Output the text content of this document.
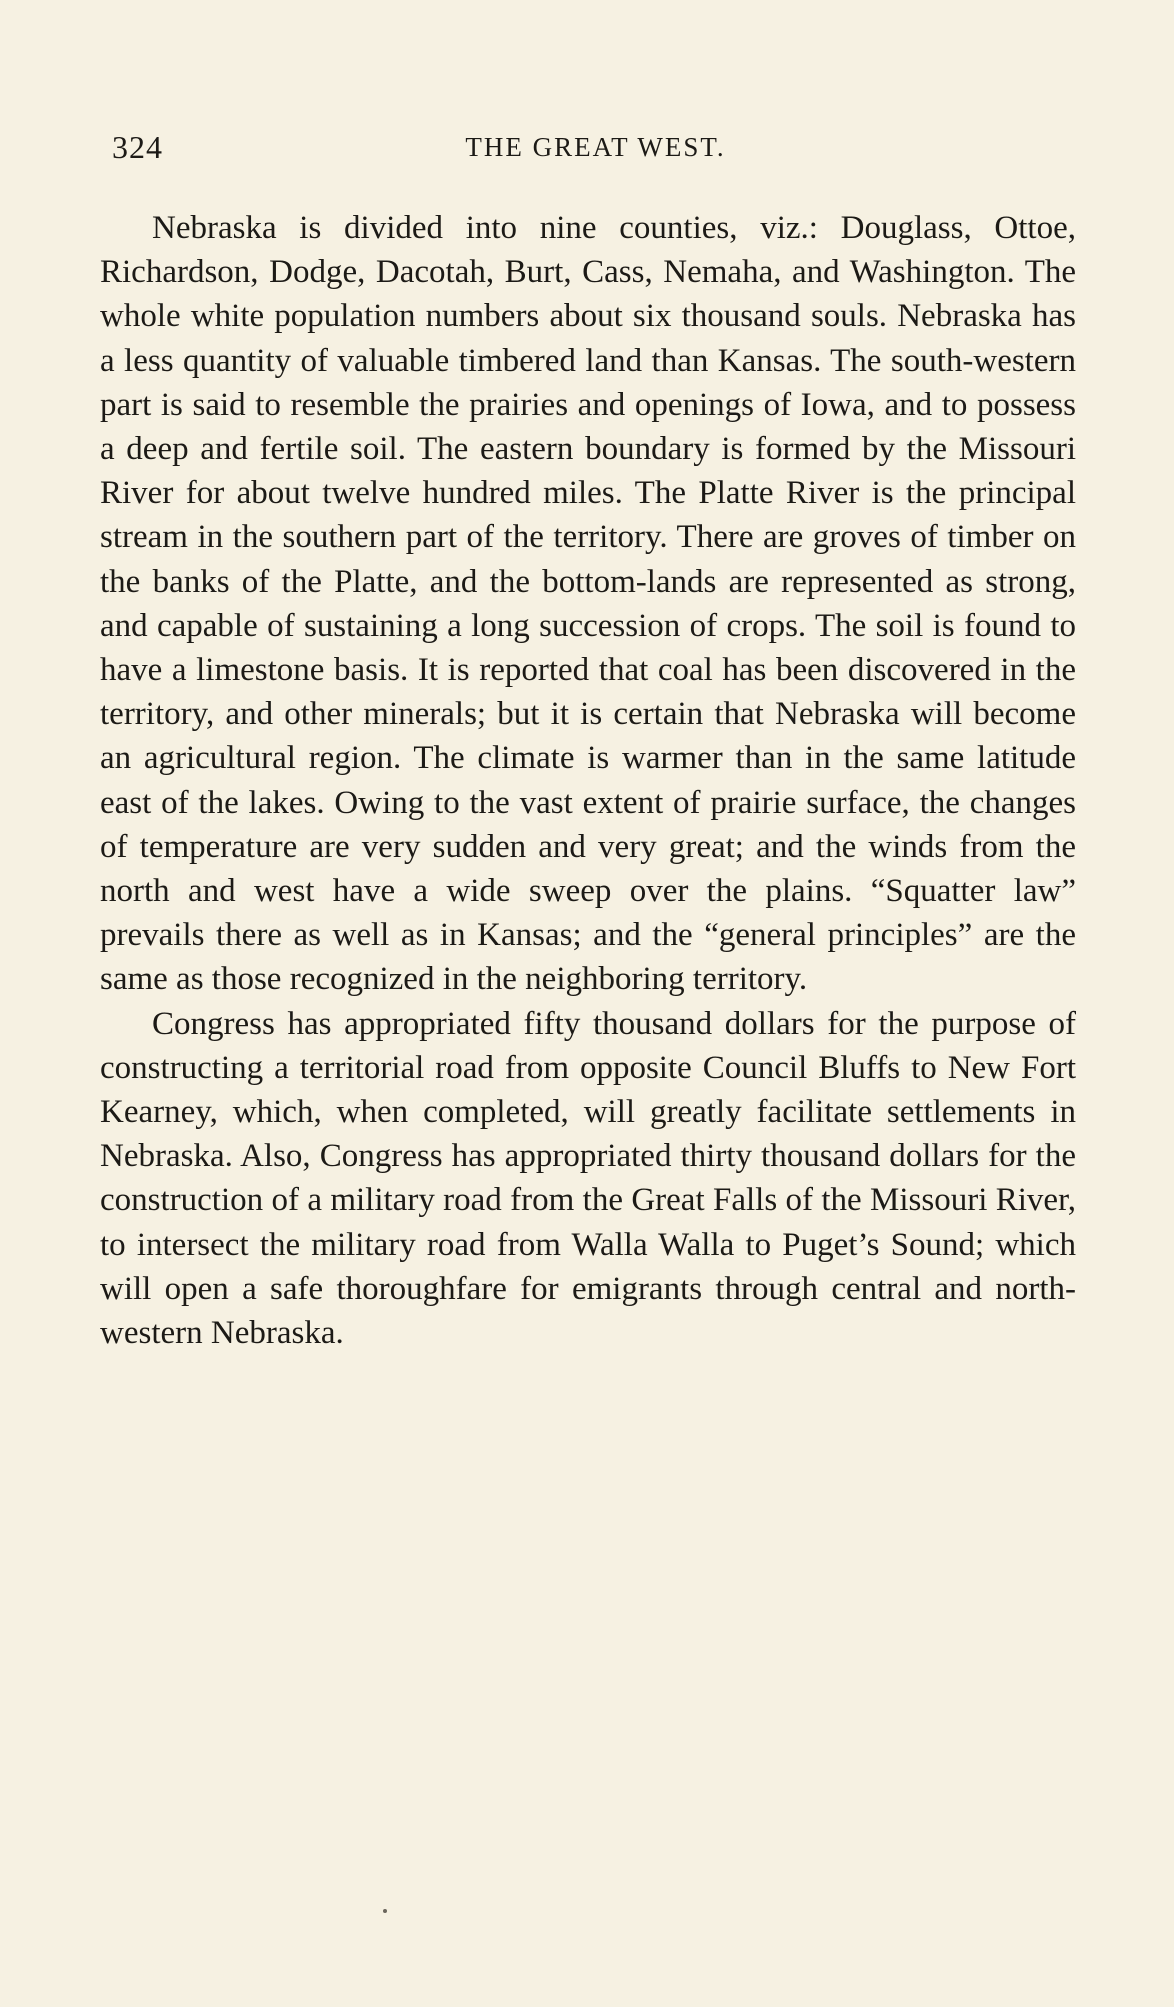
324	THE GREAT WEST.

Nebraska is divided into nine counties, viz.: Douglass, Ottoe, Richardson, Dodge, Dacotah, Burt, Cass, Nemaha, and Washington. The whole white population numbers about six thousand souls. Nebraska has a less quantity of valuable timbered land than Kansas. The south-western part is said to resemble the prairies and openings of Iowa, and to possess a deep and fertile soil. The eastern boundary is formed by the Missouri River for about twelve hundred miles. The Platte River is the principal stream in the southern part of the territory. There are groves of timber on the banks of the Platte, and the bottom-lands are represented as strong, and capable of sustaining a long succession of crops. The soil is found to have a limestone basis. It is reported that coal has been discovered in the territory, and other minerals; but it is certain that Nebraska will become an agricultural region. The climate is warmer than in the same latitude east of the lakes. Owing to the vast extent of prairie surface, the changes of temperature are very sudden and very great; and the winds from the north and west have a wide sweep over the plains. “Squatter law” prevails there as well as in Kansas; and the “general principles” are the same as those recognized in the neighboring territory.

Congress has appropriated fifty thousand dollars for the purpose of constructing a territorial road from opposite Council Bluffs to New Fort Kearney, which, when completed, will greatly facilitate settlements in Nebraska. Also, Congress has appropriated thirty thousand dollars for the construction of a military road from the Great Falls of the Missouri River, to intersect the military road from Walla Walla to Puget’s Sound; which will open a safe thoroughfare for emigrants through central and north-western Nebraska.
